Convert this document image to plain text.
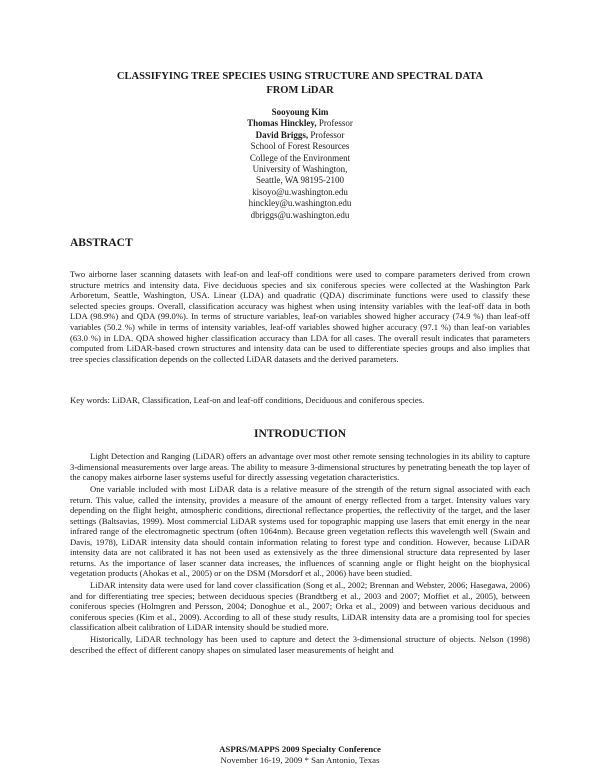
CLASSIFYING TREE SPECIES USING STRUCTURE AND SPECTRAL DATA
FROM LiDAR
Sooyoung Kim
Thomas Hinckley, Professor
David Briggs, Professor
School of Forest Resources
College of the Environment
University of Washington,
Seattle, WA 98195-2100
kisoyo@u.washington.edu
hinckley@u.washington.edu
dbriggs@u.washington.edu
ABSTRACT
Two airborne laser scanning datasets with leaf-on and leaf-off conditions were used to compare parameters derived from crown structure metrics and intensity data. Five deciduous species and six coniferous species were collected at the Washington Park Arboretum, Seattle, Washington, USA. Linear (LDA) and quadratic (QDA) discriminate functions were used to classify these selected species groups. Overall, classification accuracy was highest when using intensity variables with the leaf-off data in both LDA (98.9%) and QDA (99.0%). In terms of structure variables, leaf-on variables showed higher accuracy (74.9 %) than leaf-off variables (50.2 %) while in terms of intensity variables, leaf-off variables showed higher accuracy (97.1 %) than leaf-on variables (63.0 %) in LDA. QDA showed higher classification accuracy than LDA for all cases. The overall result indicates that parameters computed from LiDAR-based crown structures and intensity data can be used to differentiate species groups and also implies that tree species classification depends on the collected LiDAR datasets and the derived parameters.
Key words: LiDAR, Classification, Leaf-on and leaf-off conditions, Deciduous and coniferous species.
INTRODUCTION

Light Detection and Ranging (LiDAR) offers an advantage over most other remote sensing technologies in its ability to capture 3-dimensional measurements over large areas. The ability to measure 3-dimensional structures by penetrating beneath the top layer of the canopy makes airborne laser systems useful for directly assessing vegetation characteristics.

One variable included with most LiDAR data is a relative measure of the strength of the return signal associated with each return. This value, called the intensity, provides a measure of the amount of energy reflected from a target. Intensity values vary depending on the flight height, atmospheric conditions, directional reflectance properties, the reflectivity of the target, and the laser settings (Baltsavias, 1999). Most commercial LiDAR systems used for topographic mapping use lasers that emit energy in the near infrared range of the electromagnetic spectrum (often 1064nm). Because green vegetation reflects this wavelength well (Swain and Davis, 1978), LiDAR intensity data should contain information relating to forest type and condition. However, because LiDAR intensity data are not calibrated it has not been used as extensively as the three dimensional structure data represented by laser returns. As the importance of laser scanner data increases, the influences of scanning angle or flight height on the biophysical vegetation products (Ahokas et al., 2005) or on the DSM (Morsdorf et al., 2006) have been studied.

LiDAR intensity data were used for land cover classification (Song et al., 2002; Brennan and Webster, 2006; Hasegawa, 2006) and for differentiating tree species; between deciduous species (Brandtberg et al., 2003 and 2007; Moffiet et al., 2005), between coniferous species (Holmgren and Persson, 2004; Donoghue et al., 2007; Orka et al., 2009) and between various deciduous and coniferous species (Kim et al., 2009). According to all of these study results, LiDAR intensity data are a promising tool for species classification albeit calibration of LiDAR intensity should be studied more.

Historically, LiDAR technology has been used to capture and detect the 3-dimensional structure of objects. Nelson (1998) described the effect of different canopy shapes on simulated laser measurements of height and

ASPRS/MAPPS 2009 Specialty Conference
November 16-19, 2009 * San Antonio, Texas
